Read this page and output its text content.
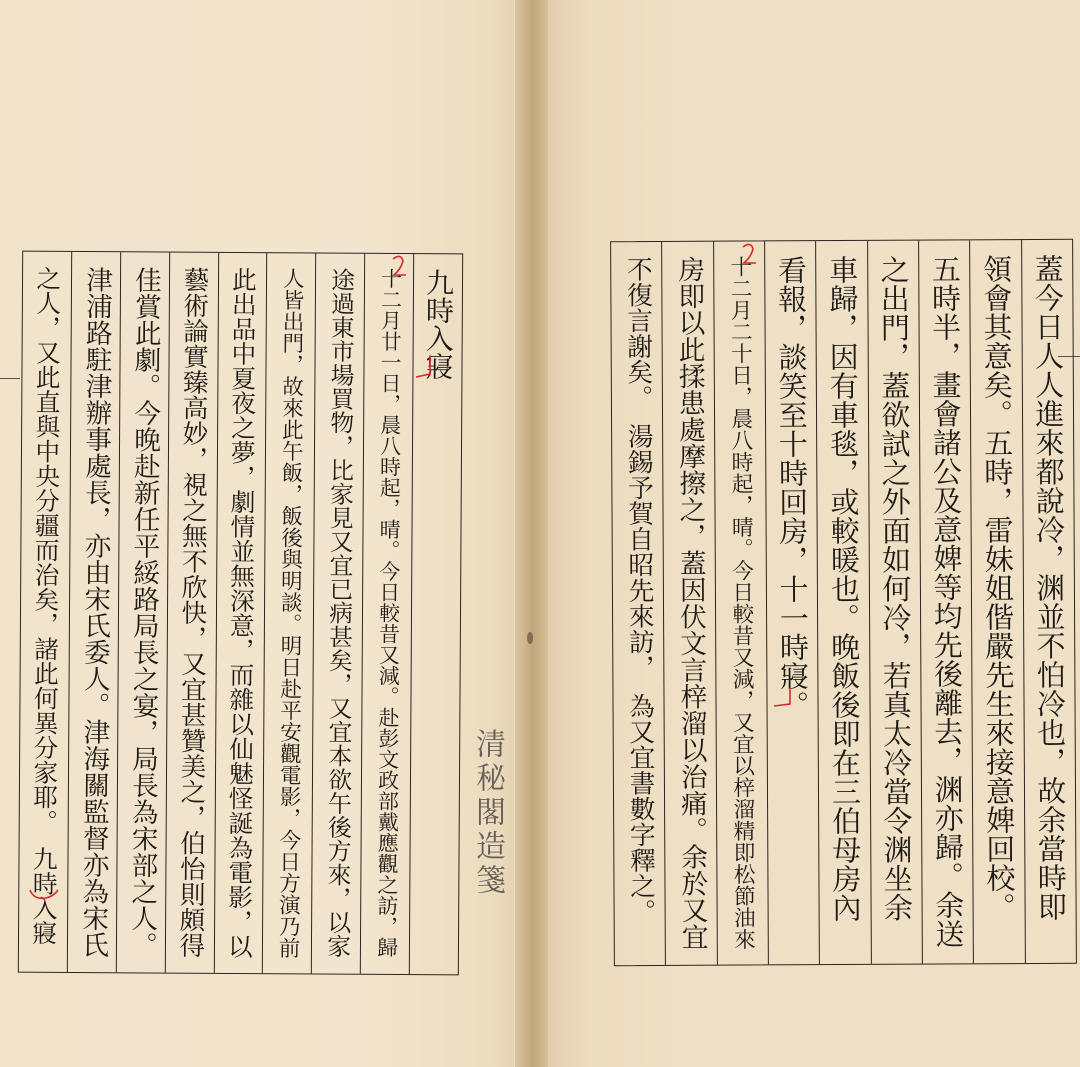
蓋今日人人進來都說冷，渊並不怕冷也，故余當時即
領會其意矣。五時，雷妹姐偕嚴先生來接意婢回校。
五時半，畫會諸公及意婢等均先後離去，渊亦歸。余送
之出門，蓋欲試之外面如何冷，若真太冷當令渊坐余
車歸，因有車毯，或較暖也。晚飯後即在三伯母房內
看報，談笑至十時回房，十一時寢。
十二月二十日，晨八時起，晴。今日較昔又減，又宜以梓溜精即松節油來
房即以此揉患處摩擦之，蓋因伏文言梓溜以治痛。余於又宜
不復言謝矣。　湯錫予賀自昭先來訪，　為又宜書數字釋之。
九時入寢
十二月廿一日，晨八時起，晴。今日較昔又減。赴彭文政部戴應觀之訪，歸
途過東市場買物，比家見又宜已病甚矣，又宜本欲午後方來，以家
人皆出門，故來此午飯，飯後與明談。明日赴平安觀電影，今日方演乃前
此出品中夏夜之夢，劇情並無深意，而雜以仙魅怪誕為電影，以
藝術論實臻高妙，視之無不欣快，又宜甚贊美之，伯怡則頗得
佳賞此劇。今晚赴新任平綏路局長之宴，局長為宋部之人。
津浦路駐津辦事處長，亦由宋氏委人。津海關監督亦為宋氏
之人，又此直與中央分疆而治矣，諸此何異分家耶。　九時入寢	清秘閣造箋
